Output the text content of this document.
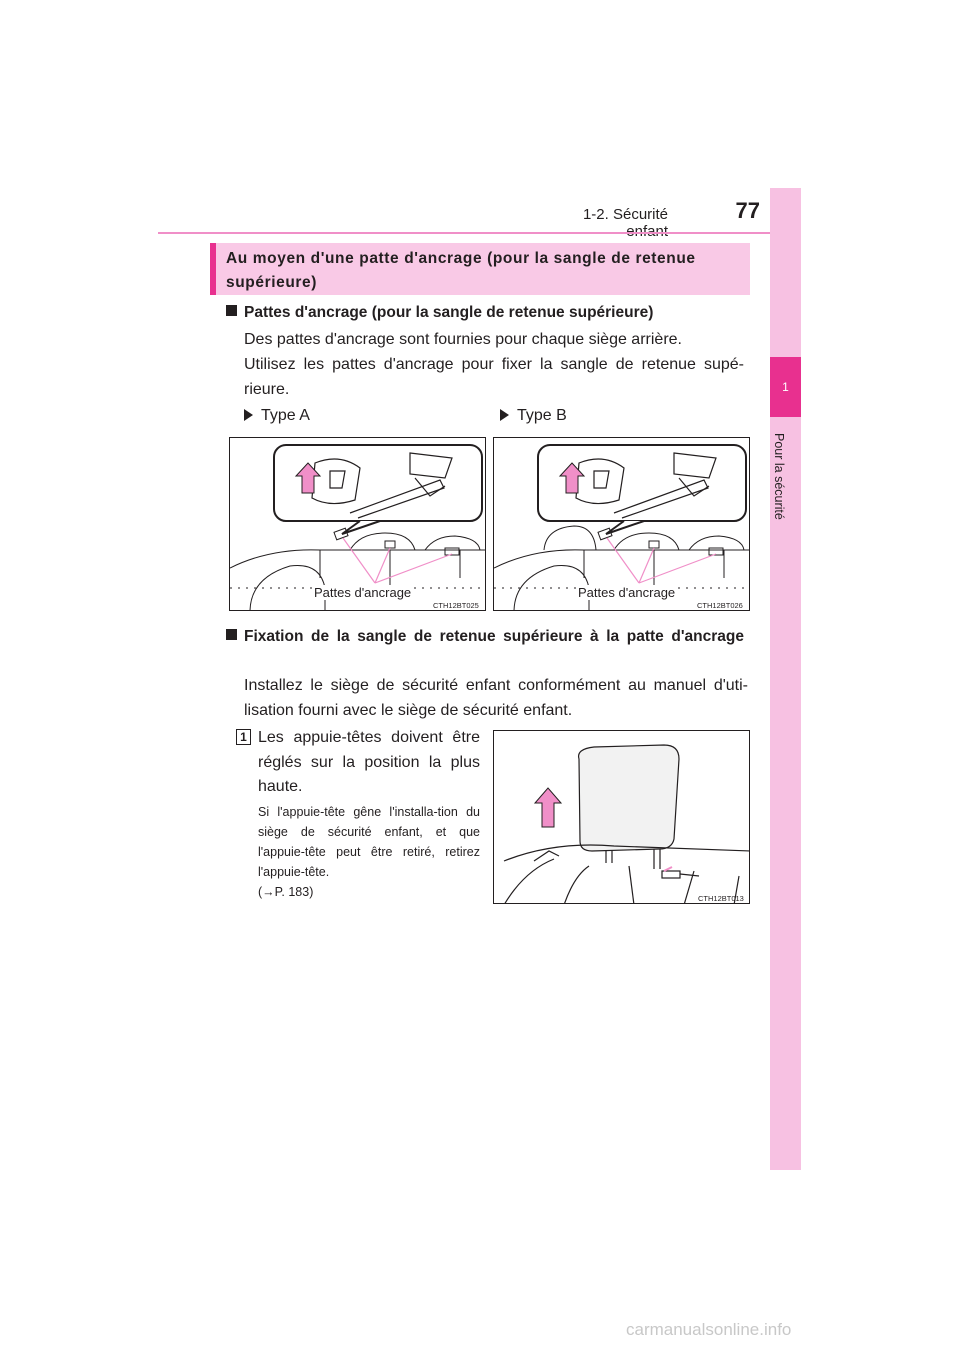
1-2. Sécurité	77
1
Pour la sécurité
Au moyen d'une patte d'ancrage (pour la sangle de retenue supérieure)
Pattes d'ancrage (pour la sangle de retenue supérieure)
Des pattes d'ancrage sont fournies pour chaque siège arrière.
Utilisez les pattes d'ancrage pour fixer la sangle de retenue supé-rieure.
Type A	Type B
Pattes d'ancrage
CTH12BT025
Pattes d'ancrage
CTH12BT026
Fixation de la sangle de retenue supérieure à la patte d'ancrage
Installez le siège de sécurité enfant conformément au manuel d'uti-lisation fourni avec le siège de sécurité enfant.
1 Les appuie-têtes doivent être réglés sur la position la plus haute.
Si l'appuie-tête gêne l'installa-tion du siège de sécurité enfant, et que l'appuie-tête peut être retiré, retirez l'appuie-tête.
(→P. 183)	CTH12BT013
carmanualsonline.info
